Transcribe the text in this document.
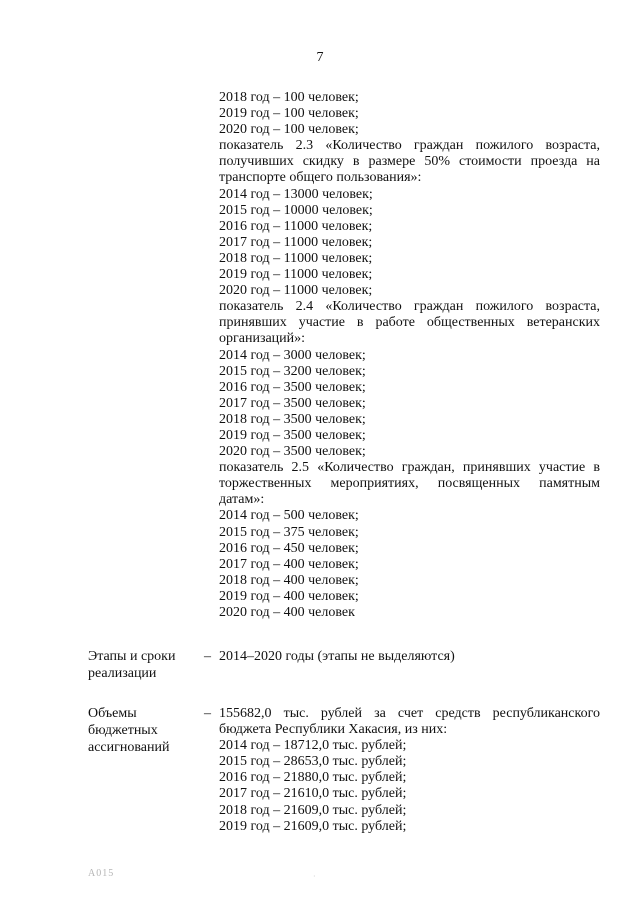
7
2018 год – 100 человек;
2019 год – 100 человек;
2020 год – 100 человек;
показатель 2.3 «Количество граждан пожилого возраста,
получивших скидку в размере 50% стоимости проезда на
транспорте общего пользования»:
2014 год – 13000 человек;
2015 год – 10000 человек;
2016 год – 11000 человек;
2017 год – 11000 человек;
2018 год – 11000 человек;
2019 год – 11000 человек;
2020 год – 11000 человек;
показатель 2.4 «Количество граждан пожилого возраста,
принявших участие в работе общественных ветеранских
организаций»:
2014 год – 3000 человек;
2015 год – 3200 человек;
2016 год – 3500 человек;
2017 год – 3500 человек;
2018 год – 3500 человек;
2019 год – 3500 человек;
2020 год – 3500 человек;
показатель 2.5 «Количество граждан, принявших участие в
торжественных мероприятиях, посвященных памятным
датам»:
2014 год – 500 человек;
2015 год – 375 человек;
2016 год – 450 человек;
2017 год – 400 человек;
2018 год – 400 человек;
2019 год – 400 человек;
2020 год – 400 человек
Этапы и сроки
реализации
– 2014–2020 годы (этапы не выделяются)
Объемы
бюджетных
ассигнований
– 155682,0 тыс. рублей за счет средств республиканского
бюджета Республики Хакасия, из них:
2014 год – 18712,0 тыс. рублей;
2015 год – 28653,0 тыс. рублей;
2016 год – 21880,0 тыс. рублей;
2017 год – 21610,0 тыс. рублей;
2018 год – 21609,0 тыс. рублей;
2019 год – 21609,0 тыс. рублей;
А015	·
